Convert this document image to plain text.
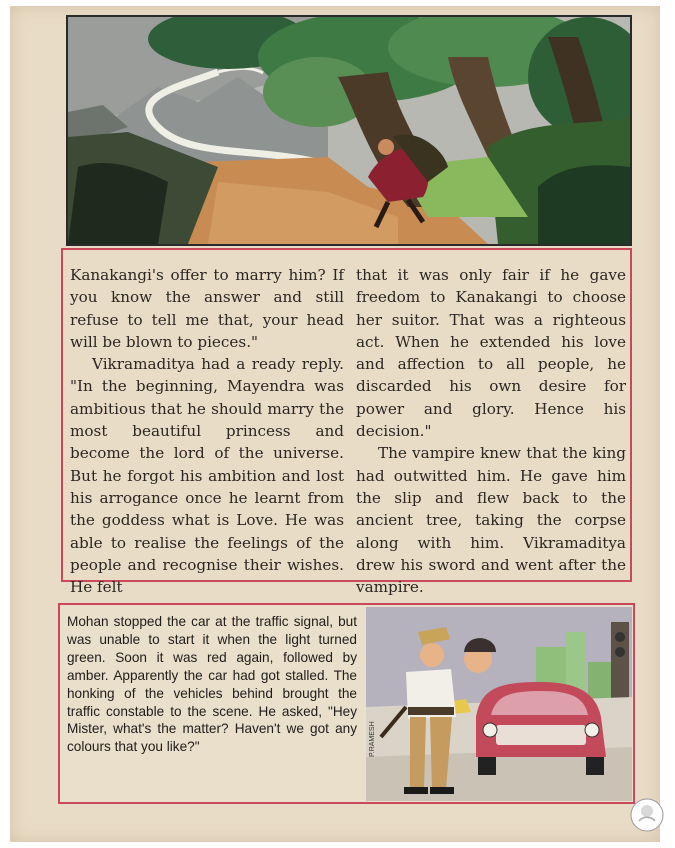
Kanakangi's offer to marry him? If you know the answer and still refuse to tell me that, your head will be blown to pieces."

Vikramaditya had a ready reply. "In the beginning, Mayendra was ambitious that he should marry the most beautiful princess and become the lord of the universe. But he forgot his ambition and lost his arrogance once he learnt from the goddess what is Love. He was able to realise the feelings of the people and recognise their wishes. He felt

that it was only fair if he gave freedom to Kanakangi to choose her suitor. That was a righteous act. When he extended his love and affection to all people, he discarded his own desire for power and glory. Hence his decision."

The vampire knew that the king had outwitted him. He gave him the slip and flew back to the ancient tree, taking the corpse along with him. Vikramaditya drew his sword and went after the vampire.

Mohan stopped the car at the traffic signal, but was unable to start it when the light turned green. Soon it was red again, followed by amber. Apparently the car had got stalled. The honking of the vehicles behind brought the traffic constable to the scene. He asked, "Hey Mister, what's the matter? Haven't we got any colours that you like?"	P.RAMESH
